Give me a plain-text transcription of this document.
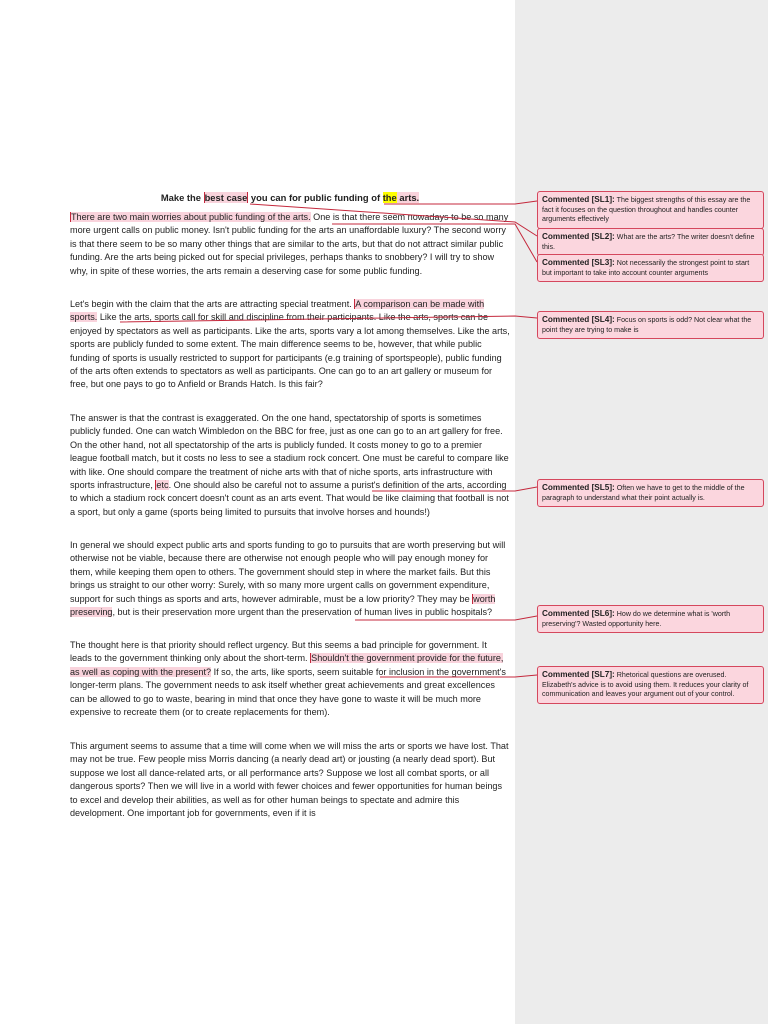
Make the best case you can for public funding of the arts.

There are two main worries about public funding of the arts. One is that there seem nowadays to be so many more urgent calls on public money. Isn't public funding for the arts an unaffordable luxury? The second worry is that there seem to be so many other things that are similar to the arts, but that do not attract similar public funding. Are the arts being picked out for special privileges, perhaps thanks to snobbery? I will try to show why, in spite of these worries, the arts remain a deserving case for some public funding.

Let's begin with the claim that the arts are attracting special treatment. A comparison can be made with sports. Like the arts, sports call for skill and discipline from their participants. Like the arts, sports can be enjoyed by spectators as well as participants. Like the arts, sports vary a lot among themselves. Like the arts, sports are publicly funded to some extent. The main difference seems to be, however, that while public funding of sports is usually restricted to support for participants (e.g training of sportspeople), public funding of the arts often extends to spectators as well as participants. One can go to an art gallery or museum for free, but one pays to go to Anfield or Brands Hatch. Is this fair?

The answer is that the contrast is exaggerated. On the one hand, spectatorship of sports is sometimes publicly funded. One can watch Wimbledon on the BBC for free, just as one can go to an art gallery for free. On the other hand, not all spectatorship of the arts is publicly funded. It costs money to go to a premier league football match, but it costs no less to see a stadium rock concert. One must be careful to compare like with like. One should compare the treatment of niche arts with that of niche sports, arts infrastructure with sports infrastructure, etc. One should also be careful not to assume a purist's definition of the arts, according to which a stadium rock concert doesn't count as an arts event. That would be like claiming that football is not a sport, but only a game (sports being limited to pursuits that involve horses and hounds!)

In general we should expect public arts and sports funding to go to pursuits that are worth preserving but will otherwise not be viable, because there are otherwise not enough people who will pay enough money for them, while keeping them open to others. The government should step in where the market fails. But this brings us straight to our other worry: Surely, with so many more urgent calls on government expenditure, support for such things as sports and arts, however admirable, must be a low priority? They may be worth preserving, but is their preservation more urgent than the preservation of human lives in public hospitals?

The thought here is that priority should reflect urgency. But this seems a bad principle for government. It leads to the government thinking only about the short-term. Shouldn't the government provide for the future, as well as coping with the present? If so, the arts, like sports, seem suitable for inclusion in the government's longer-term plans. The government needs to ask itself whether great achievements and great excellences can be allowed to go to waste, bearing in mind that once they have gone to waste it will be much more expensive to recreate them (or to create replacements for them).

This argument seems to assume that a time will come when we will miss the arts or sports we have lost. That may not be true. Few people miss Morris dancing (a nearly dead art) or jousting (a nearly dead sport). But suppose we lost all dance-related arts, or all performance arts? Suppose we lost all combat sports, or all dangerous sports? Then we will live in a world with fewer choices and fewer opportunities for human beings to excel and develop their abilities, as well as for other human beings to spectate and admire this development. One important job for governments, even if it is

Commented [SL1]: The biggest strengths of this essay are the fact it focuses on the question throughout and handles counter arguments effectively
Commented [SL2]: What are the arts? The writer doesn't define this.
Commented [SL3]: Not necessarily the strongest point to start but important to take into account counter arguments
Commented [SL4]: Focus on sports is odd? Not clear what the point they are trying to make is
Commented [SL5]: Often we have to get to the middle of the paragraph to understand what their point actually is.
Commented [SL6]: How do we determine what is 'worth preserving'? Wasted opportunity here.
Commented [SL7]: Rhetorical questions are overused. Elizabeth's advice is to avoid using them. It reduces your clarity of communication and leaves your argument out of your control.
